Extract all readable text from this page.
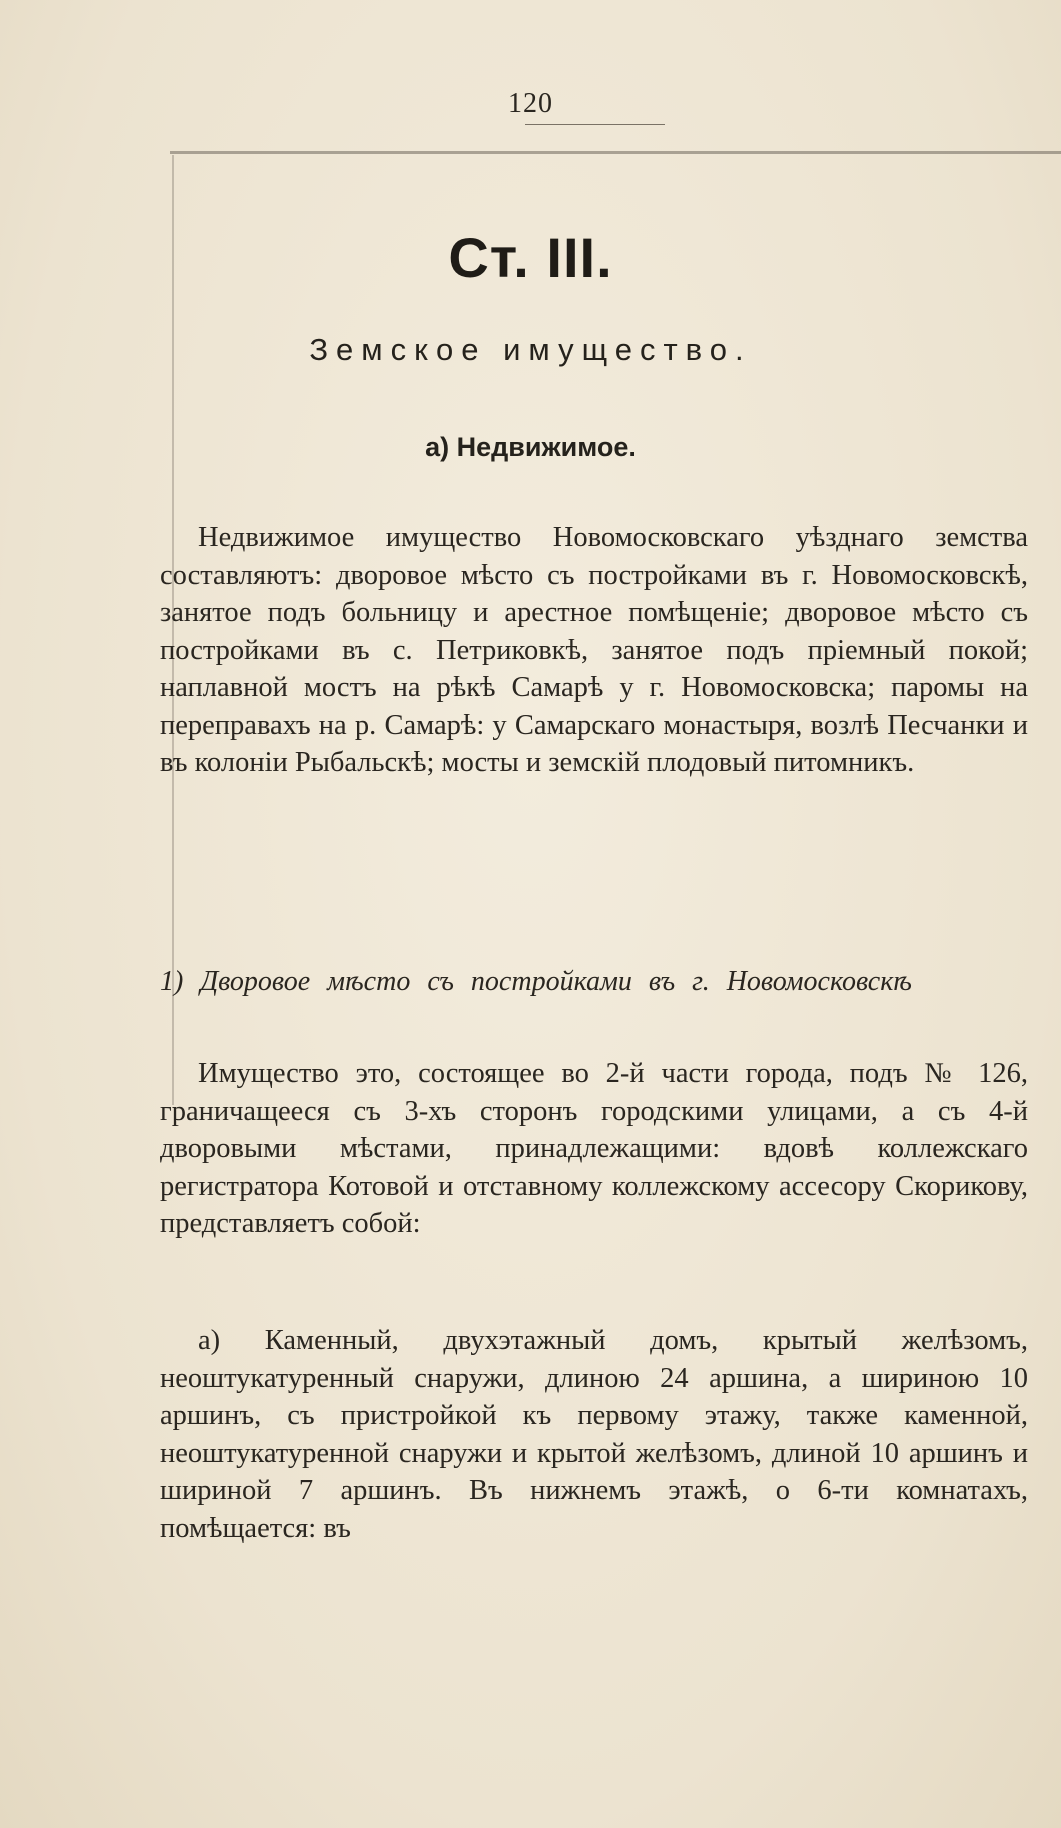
120
Ст. III.
Земское имущество.
а) Недвижимое.

Недвижимое имущество Новомосковскаго уѣзднаго земства составляютъ: дворовое мѣсто съ постройками въ г. Новомосковскѣ, занятое подъ больницу и арестное помѣщеніе; дворовое мѣсто съ постройками въ с. Петриковкѣ, занятое подъ пріемный покой; наплавной мостъ на рѣкѣ Самарѣ у г. Новомосковска; паромы на переправахъ на р. Самарѣ: у Самарскаго монастыря, возлѣ Песчанки и въ колоніи Рыбальскѣ; мосты и земскій плодовый питомникъ.

1) Дворовое мѣсто съ постройками въ г. Новомосковскѣ

Имущество это, состоящее во 2-й части города, подъ № 126, граничащееся съ 3-хъ сторонъ городскими улицами, а съ 4-й дворовыми мѣстами, принадлежащими: вдовѣ коллежскаго регистратора Котовой и отставному коллежскому ассесору Скорикову, представляетъ собой:

а) Каменный, двухэтажный домъ, крытый желѣзомъ, неоштукатуренный снаружи, длиною 24 аршина, а шириною 10 аршинъ, съ пристройкой къ первому этажу, также каменной, неоштукатуренной снаружи и крытой желѣзомъ, длиной 10 аршинъ и шириной 7 аршинъ. Въ нижнемъ этажѣ, о 6-ти комнатахъ, помѣщается: въ
